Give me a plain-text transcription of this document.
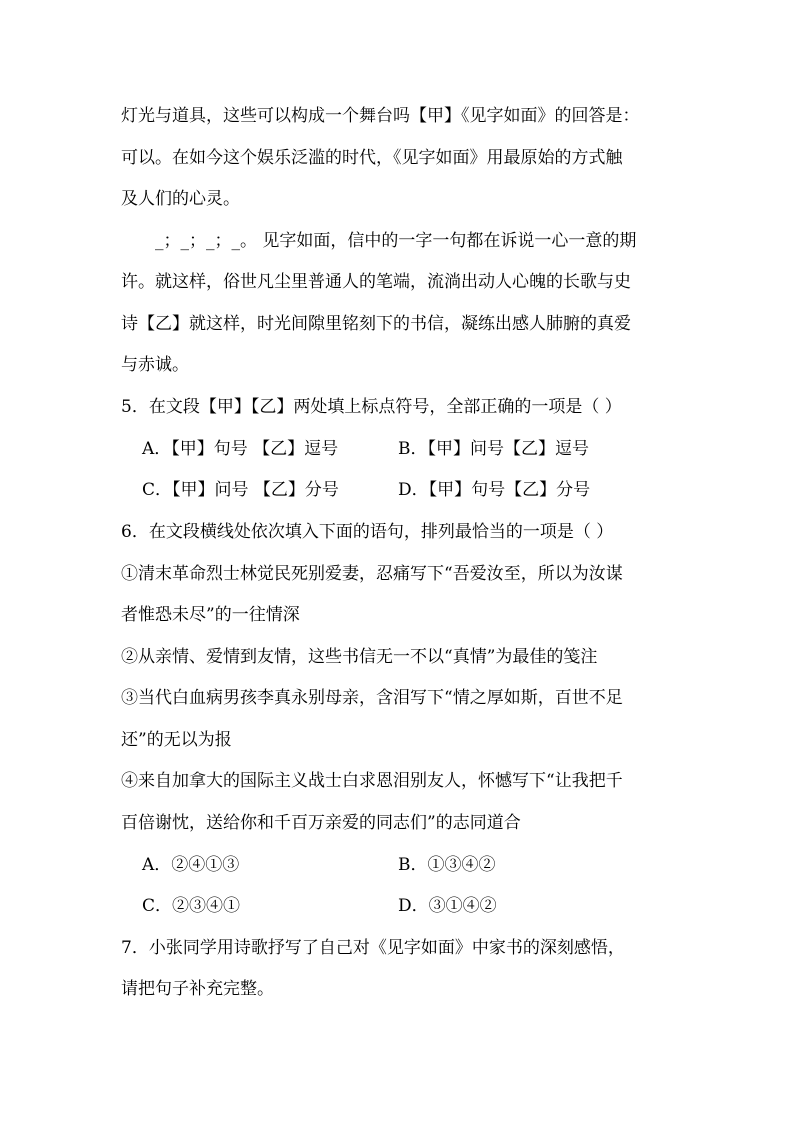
灯光与道具，这些可以构成一个舞台吗【甲】《见字如面》的回答是：
可以。在如今这个娱乐泛滥的时代，《见字如面》用最原始的方式触
及人们的心灵。
_；_；_；_。 见字如面，信中的一字一句都在诉说一心一意的期
许。就这样，俗世凡尘里普通人的笔端，流淌出动人心魄的长歌与史
诗【乙】就这样，时光间隙里铭刻下的书信，凝练出感人肺腑的真爱
与赤诚。
5．在文段【甲】【乙】两处填上标点符号，全部正确的一项是（ ）
A．【甲】句号 【乙】逗号	B．【甲】问号【乙】逗号
C．【甲】问号 【乙】分号	D．【甲】句号【乙】分号
6．在文段横线处依次填入下面的语句，排列最恰当的一项是（ ）
①清末革命烈士林觉民死别爱妻，忍痛写下“吾爱汝至，所以为汝谋
者惟恐未尽”的一往情深
②从亲情、爱情到友情，这些书信无一不以“真情”为最佳的笺注
③当代白血病男孩李真永别母亲，含泪写下“情之厚如斯，百世不足
还”的无以为报
④来自加拿大的国际主义战士白求恩泪别友人，怀憾写下“让我把千
百倍谢忱，送给你和千百万亲爱的同志们”的志同道合
A．②④①③	B．①③④②
C．②③④①	D．③①④②
7．小张同学用诗歌抒写了自己对《见字如面》中家书的深刻感悟，
请把句子补充完整。
